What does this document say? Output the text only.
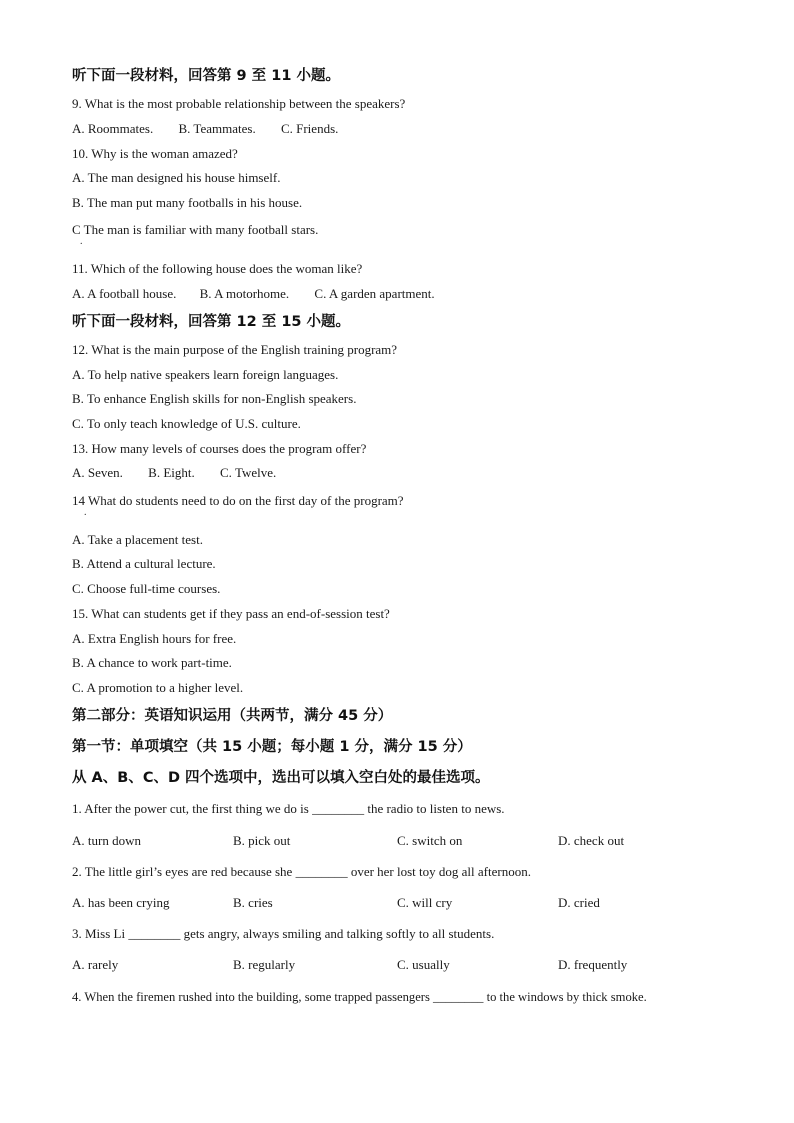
听下面一段材料，回答第 9 至 11 小题。
9. What is the most probable relationship between the speakers?
A. Roommates. B. Teammates. C. Friends.
10. Why is the woman amazed?
A. The man designed his house himself.
B. The man put many footballs in his house.
C The man is familiar with many football stars.
.
11. Which of the following house does the woman like?
A. A football house. B. A motorhome. C. A garden apartment.
听下面一段材料，回答第 12 至 15 小题。
12. What is the main purpose of the English training program?
A. To help native speakers learn foreign languages.
B. To enhance English skills for non-English speakers.
C. To only teach knowledge of U.S. culture.
13. How many levels of courses does the program offer?
A. Seven. B. Eight. C. Twelve.
14 What do students need to do on the first day of the program?
.
A. Take a placement test.
B. Attend a cultural lecture.
C. Choose full-time courses.
15. What can students get if they pass an end-of-session test?
A. Extra English hours for free.
B. A chance to work part-time.
C. A promotion to a higher level.
第二部分：英语知识运用（共两节，满分 45 分）
第一节：单项填空（共 15 小题；每小题 1 分，满分 15 分）
从 A、B、C、D 四个选项中，选出可以填入空白处的最佳选项。
1. After the power cut, the first thing we do is ________ the radio to listen to news.
A. turn down	B. pick out	C. switch on	D. check out
2. The little girl’s eyes are red because she ________ over her lost toy dog all afternoon.
A. has been crying	B. cries	C. will cry	D. cried
3. Miss Li ________ gets angry, always smiling and talking softly to all students.
A. rarely	B. regularly	C. usually	D. frequently
4. When the firemen rushed into the building, some trapped passengers ________ to the windows by thick smoke.
